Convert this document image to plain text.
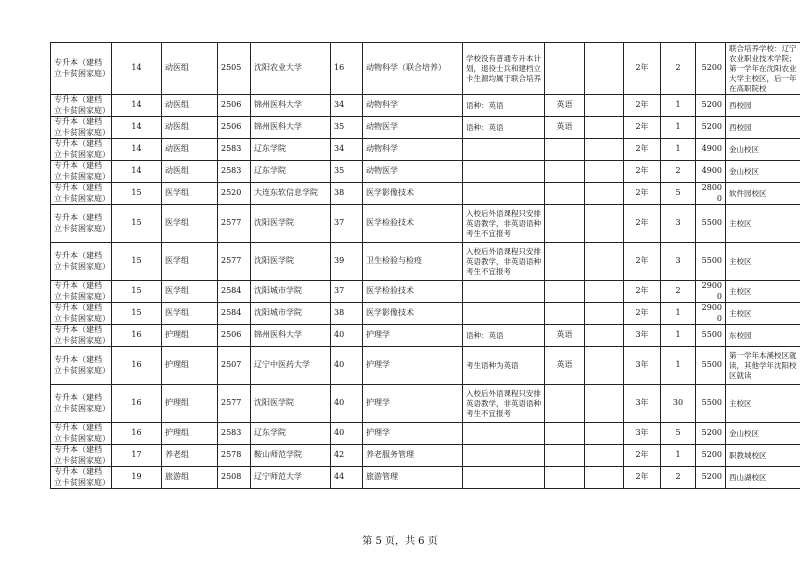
专升本（建档立卡贫困家庭）	14	动医组	2505	沈阳农业大学	16	动物科学（联合培养）	学校没有普通专升本计划，退役士兵和建档立卡生源均属于联合培养			2年	2	5200	联合培养学校：辽宁农业职业技术学院；第一学年在沈阳农业大学主校区，后一年在高职院校
专升本（建档立卡贫困家庭）	14	动医组	2506	锦州医科大学	34	动物科学	语种：英语	英语		2年	1	5200	西校园
专升本（建档立卡贫困家庭）	14	动医组	2506	锦州医科大学	35	动物医学	语种：英语	英语		2年	1	5200	西校园
专升本（建档立卡贫困家庭）	14	动医组	2583	辽东学院	34	动物科学				2年	1	4900	金山校区
专升本（建档立卡贫困家庭）	14	动医组	2583	辽东学院	35	动物医学				2年	2	4900	金山校区
专升本（建档立卡贫困家庭）	15	医学组	2520	大连东软信息学院	38	医学影像技术				2年	5	28000	软件园校区
专升本（建档立卡贫困家庭）	15	医学组	2577	沈阳医学院	37	医学检验技术	入校后外语课程只安排英语教学，非英语语种考生不宜报考			2年	3	5500	主校区
专升本（建档立卡贫困家庭）	15	医学组	2577	沈阳医学院	39	卫生检验与检疫	入校后外语课程只安排英语教学，非英语语种考生不宜报考			2年	3	5500	主校区
专升本（建档立卡贫困家庭）	15	医学组	2584	沈阳城市学院	37	医学检验技术				2年	2	29000	主校区
专升本（建档立卡贫困家庭）	15	医学组	2584	沈阳城市学院	38	医学影像技术				2年	1	29000	主校区
专升本（建档立卡贫困家庭）	16	护理组	2506	锦州医科大学	40	护理学	语种：英语	英语		3年	1	5500	东校园
专升本（建档立卡贫困家庭）	16	护理组	2507	辽宁中医药大学	40	护理学	考生语种为英语	英语		3年	1	5500	第一学年本溪校区就读，其他学年沈阳校区就读
专升本（建档立卡贫困家庭）	16	护理组	2577	沈阳医学院	40	护理学	入校后外语课程只安排英语教学，非英语语种考生不宜报考			3年	30	5500	主校区
专升本（建档立卡贫困家庭）	16	护理组	2583	辽东学院	40	护理学				3年	5	5200	金山校区
专升本（建档立卡贫困家庭）	17	养老组	2578	鞍山师范学院	42	养老服务管理				2年	1	5200	职教城校区
专升本（建档立卡贫困家庭）	19	旅游组	2508	辽宁师范大学	44	旅游管理				2年	2	5200	西山湖校区
第 5 页，共 6 页
